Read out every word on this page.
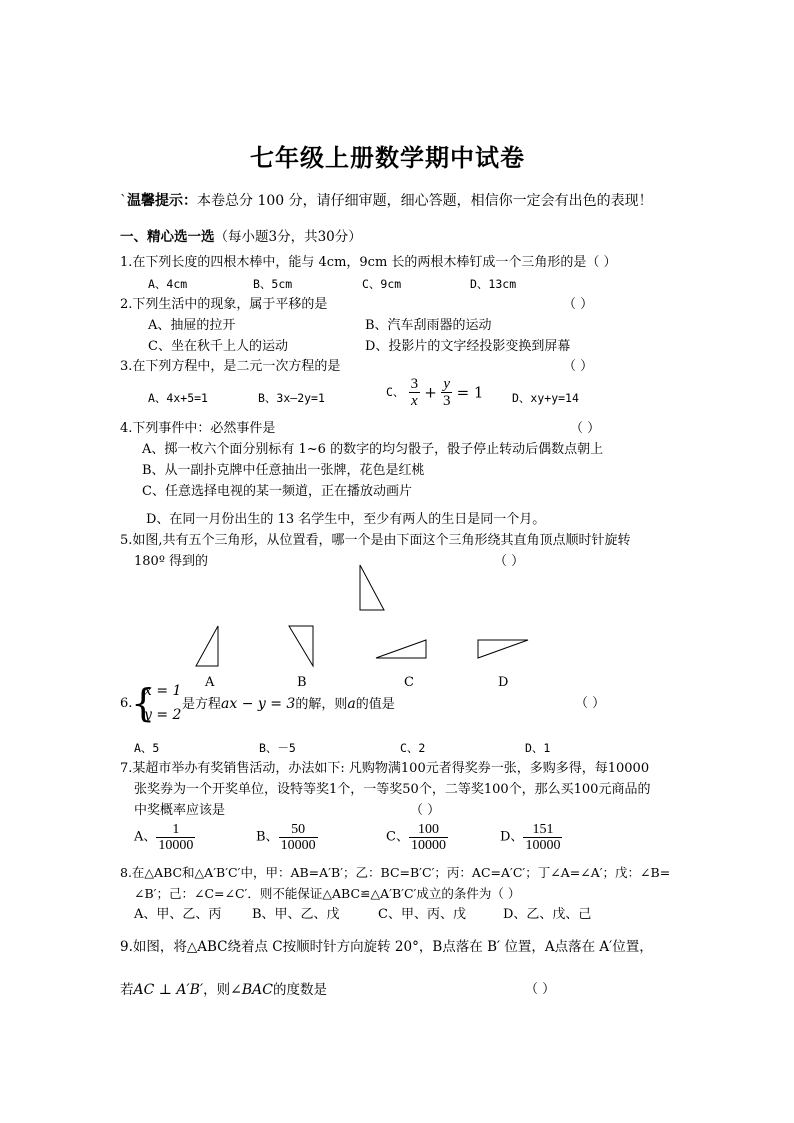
七年级上册数学期中试卷
`温馨提示：本卷总分 100 分，请仔细审题，细心答题，相信你一定会有出色的表现！
一、精心选一选（每小题3分，共30分）
1.在下列长度的四根木棒中，能与 4cm，9cm 长的两根木棒钉成一个三角形的是（ ）
A、4cm	B、5cm	C、9cm	D、13cm
2.下列生活中的现象，属于平移的是	（ ）
A、抽屉的拉开	B、汽车刮雨器的运动
C、坐在秋千上人的运动	D、投影片的文字经投影变换到屏幕
3.在下列方程中，是二元一次方程的是	（ ）
A、4x+5=1	B、3x—2y=1	C、 $\frac{3}{x} + \frac{y}{3} = 1$ D、xy+y=14
4.下列事件中：必然事件是	（ ）
A、掷一枚六个面分别标有 1~6 的数字的均匀骰子，骰子停止转动后偶数点朝上
B、从一副扑克牌中任意抽出一张牌，花色是红桃
C、任意选择电视的某一频道，正在播放动画片
D、在同一月份出生的 13 名学生中，至少有两人的生日是同一个月。
5.如图,共有五个三角形，从位置看，哪一个是由下面这个三角形绕其直角顶点顺时针旋转
180º 得到的	（ ）
A	B	C	D
6.
{
x = 1
y = 2
是方程ax − y = 3的解，则a的值是	（ ）
A、5	B、－5	C、2	D、1
7.某超市举办有奖销售活动，办法如下: 凡购物满100元者得奖券一张，多购多得，每10000
张奖券为一个开奖单位，设特等奖1个，一等奖50个，二等奖100个，那么买100元商品的
中奖概率应该是	（ ）
A、 $\frac{1}{10000}$	B、 $\frac{50}{10000}$	C、 $\frac{100}{10000}$	D、 $\frac{151}{10000}$
8.在△ABC和△A′B′C′中，甲：AB=A′B′；乙：BC=B′C′；丙：AC=A′C′；丁∠A=∠A′；戊：∠B=
∠B′；己：∠C=∠C′．则不能保证△ABC≌△A′B′C′成立的条件为（ ）
A、甲、乙、丙 B、甲、乙、戊	C、甲、丙、戊	D、乙、戊、己
9.如图，将△ABC绕着点 C按顺时针方向旋转 20°，B点落在 B′ 位置，A点落在 A′位置，
若AC ⊥ A′B′，则∠BAC的度数是	（ ）
